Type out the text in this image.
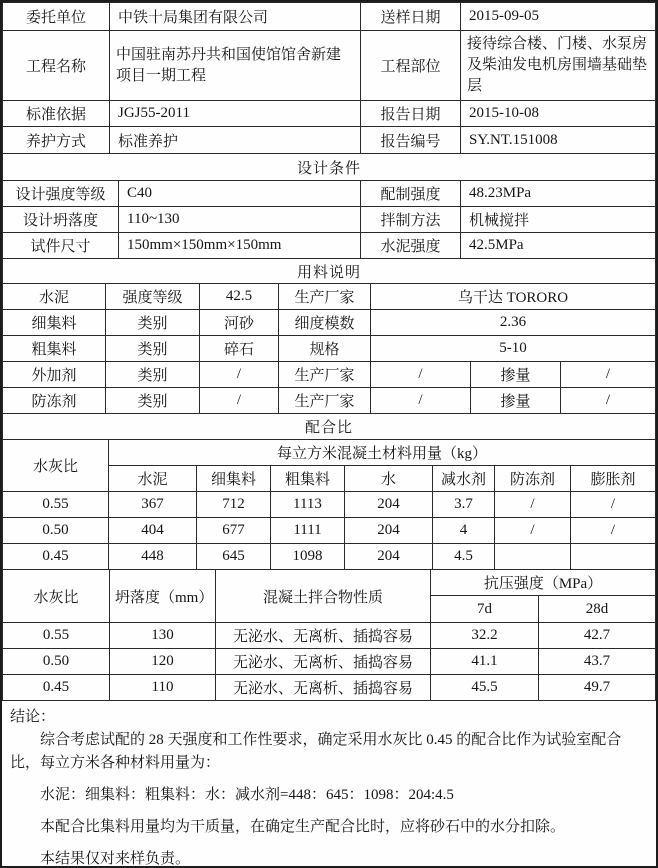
委托单位	中铁十局集团有限公司	送样日期	2015-09-05
工程名称	中国驻南苏丹共和国使馆馆舍新建项目一期工程	工程部位	接待综合楼、门楼、水泵房及柴油发电机房围墙基础垫层
标准依据	JGJ55-2011	报告日期	2015-10-08
养护方式	标准养护	报告编号	SY.NT.151008
设计条件			
设计强度等级	C40	配制强度	48.23MPa
设计坍落度	110~130	拌制方法	机械搅拌
试件尺寸	150mm×150mm×150mm	水泥强度	42.5MPa
用料说明						
水泥	强度等级	42.5	生产厂家	乌干达 TORORO		
细集料	类别	河砂	细度模数	2.36		
粗集料	类别	碎石	规格	5-10		
外加剂	类别	/	生产厂家	/	掺量	/
防冻剂	类别	/	生产厂家	/	掺量	/
配合比							
水灰比	每立方米混凝土材料用量（kg）						
	水泥	细集料	粗集料	水	减水剂	防冻剂	膨胀剂
0.55	367	712	1113	204	3.7	/	/
0.50	404	677	1111	204	4	/	/
0.45	448	645	1098	204	4.5		
水灰比	坍落度（mm）	混凝土拌合物性质	抗压强度（MPa）	
			7d	28d
0.55	130	无泌水、无离析、插捣容易	32.2	42.7
0.50	120	无泌水、无离析、插捣容易	41.1	43.7
0.45	110	无泌水、无离析、插捣容易	45.5	49.7
结论：

综合考虑试配的 28 天强度和工作性要求，确定采用水灰比 0.45 的配合比作为试验室配合比，每立方米各种材料用量为：

水泥：细集料：粗集料：水：减水剂=448：645：1098：204:4.5

本配合比集料用量均为干质量，在确定生产配合比时，应将砂石中的水分扣除。

本结果仅对来样负责。
